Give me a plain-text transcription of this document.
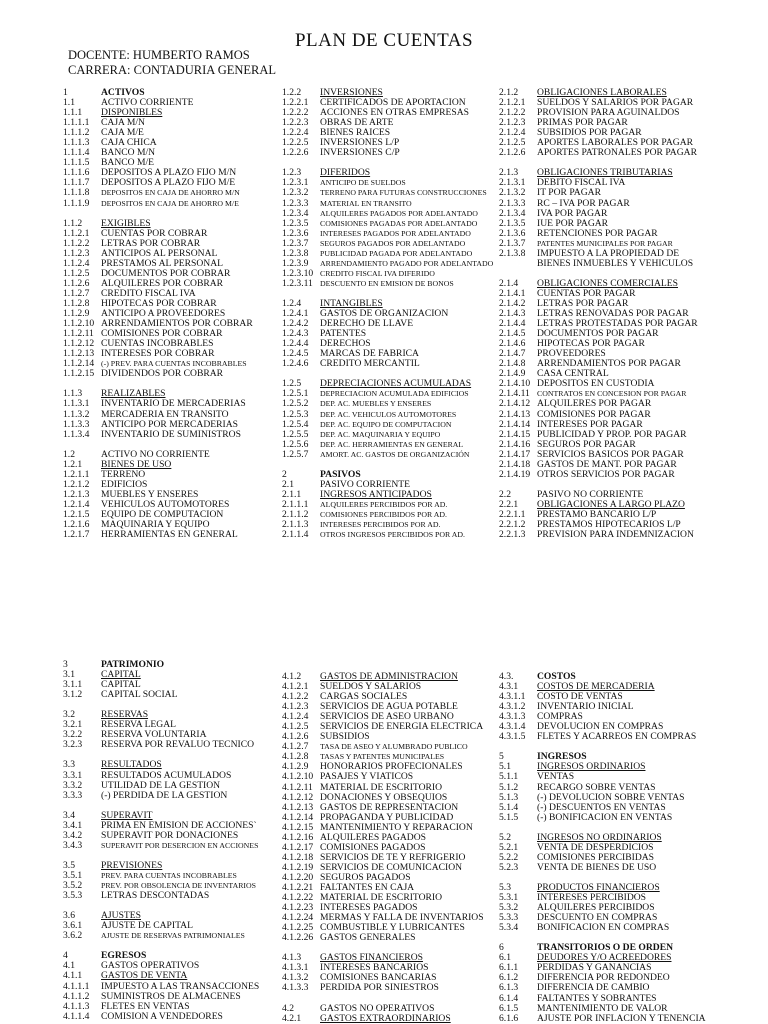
PLAN DE CUENTAS
DOCENTE: HUMBERTO RAMOS
CARRERA: CONTADURIA GENERAL
1	ACTIVOS
1.1	ACTIVO CORRIENTE
1.1.1	DISPONIBLES
1.1.1.1	CAJA M/N
1.1.1.2	CAJA M/E
1.1.1.3	CAJA CHICA
1.1.1.4	BANCO M/N
1.1.1.5	BANCO M/E
1.1.1.6	DEPOSITOS A PLAZO FIJO M/N
1.1.1.7	DEPOSITOS A PLAZO FIJO M/E
1.1.1.8	DEPOSITOS EN CAJA DE AHORRO M/N
1.1.1.9	DEPOSITOS EN CAJA DE AHORRO M/E
1.1.2	EXIGIBLES
1.1.2.1	CUENTAS POR COBRAR
1.1.2.2	LETRAS POR COBRAR
1.1.2.3	ANTICIPOS AL PERSONAL
1.1.2.4	PRESTAMOS AL PERSONAL
1.1.2.5	DOCUMENTOS POR COBRAR
1.1.2.6	ALQUILERES POR COBRAR
1.1.2.7	CREDITO FISCAL IVA
1.1.2.8	HIPOTECAS POR COBRAR
1.1.2.9	ANTICIPO A PROVEEDORES
1.1.2.10 ARRENDAMIENTOS POR COBRAR
1.1.2.11 COMISIONES POR COBRAR
1.1.2.12 CUENTAS INCOBRABLES
1.1.2.13 INTERESES POR COBRAR
1.1.2.14 (-) PREV. PARA CUENTAS INCOBRABLES
1.1.2.15 DIVIDENDOS POR COBRAR
1.1.3	REALIZABLES
1.1.3.1	INVENTARIO DE MERCADERIAS
1.1.3.2	MERCADERIA EN TRANSITO
1.1.3.3	ANTICIPO POR MERCADERIAS
1.1.3.4	INVENTARIO DE SUMINISTROS
1.2	ACTIVO NO CORRIENTE
1.2.1	BIENES DE USO
1.2.1.1	TERRENO
1.2.1.2	EDIFICIOS
1.2.1.3	MUEBLES Y ENSERES
1.2.1.4	VEHICULOS AUTOMOTORES
1.2.1.5	EQUIPO DE COMPUTACION
1.2.1.6	MAQUINARIA Y EQUIPO
1.2.1.7	HERRAMIENTAS EN GENERAL
1.2.2	INVERSIONES
1.2.2.1	CERTIFICADOS DE APORTACION
1.2.2.2	ACCIONES EN OTRAS EMPRESAS
1.2.2.3	OBRAS DE ARTE
1.2.2.4	BIENES RAICES
1.2.2.5	INVERSIONES L/P
1.2.2.6	INVERSIONES C/P
1.2.3	DIFERIDOS
1.2.3.1	ANTICIPO DE SUELDOS
1.2.3.2	TERRENO PARA FUTURAS CONSTRUCCIONES
1.2.3.3	MATERIAL EN TRANSITO
1.2.3.4	ALQUILERES PAGADOS POR ADELANTADO
1.2.3.5	COMISIONES PAGADAS POR ADELANTADO
1.2.3.6	INTERESES PAGADOS POR ADELANTADO
1.2.3.7	SEGUROS PAGADOS POR ADELANTADO
1.2.3.8	PUBLICIDAD PAGADA POR ADELANTADO
1.2.3.9	ARRENDAMIENTO PAGADO POR ADELANTADO
1.2.3.10 CREDITO FISCAL IVA DIFERIDO
1.2.3.11 DESCUENTO EN EMISION DE BONOS
1.2.4	INTANGIBLES
1.2.4.1	GASTOS DE ORGANIZACIÓN
1.2.4.2	DERECHO DE LLAVE
1.2.4.3	PATENTES
1.2.4.4	DERECHOS
1.2.4.5	MARCAS DE FABRICA
1.2.4.6	CREDITO MERCANTIL
1.2.5	DEPRECIACIONES ACUMULADAS
1.2.5.1	DEPRECIACION ACUMULADA EDIFICIOS
1.2.5.2	DEP. AC. MUEBLES Y ENSERES
1.2.5.3	DEP. AC. VEHICULOS AUTOMOTORES
1.2.5.4	DEP. AC. EQUIPO DE COMPUTACION
1.2.5.5	DEP. AC. MAQUINARIA Y EQUIPO
1.2.5.6	DEP. AC. HERRAMIENTAS EN GENERAL
1.2.5.7	AMORT. AC. GASTOS DE ORGANIZACIÓN
2	PASIVOS
2.1	PASIVO CORRIENTE
2.1.1	INGRESOS ANTICIPADOS
2.1.1.1	ALQUILERES PERCIBIDOS POR AD.
2.1.1.2	COMISIONES PERCIBIDOS POR AD.
2.1.1.3	INTERESES PERCIBIDOS POR AD.
2.1.1.4	OTROS INGRESOS PERCIBIDOS POR AD.
2.1.2	OBLIGACIONES LABORALES
2.1.2.1	SUELDOS Y SALARIOS POR PAGAR
2.1.2.2	PROVISION PARA AGUINALDOS
2.1.2.3	PRIMAS POR PAGAR
2.1.2.4	SUBSIDIOS POR PAGAR
2.1.2.5	APORTES LABORALES POR PAGAR
2.1.2.6	APORTES PATRONALES POR PAGAR
2.1.3	OBLIGACIONES TRIBUTARIAS
2.1.3.1	DEBITO FISCAL IVA
2.1.3.2	IT POR PAGAR
2.1.3.3	RC – IVA POR PAGAR
2.1.3.4	IVA POR PAGAR
2.1.3.5	IUE POR PAGAR
2.1.3.6	RETENCIONES POR PAGAR
2.1.3.7	PATENTES MUNICIPALES POR PAGAR
2.1.3.8	IMPUESTO A LA PROPIEDAD DE
BIENES INMUEBLES Y VEHICULOS
2.1.4	OBLIGACIONES COMERCIALES
2.1.4.1	CUENTAS POR PAGAR
2.1.4.2	LETRAS POR PAGAR
2.1.4.3	LETRAS RENOVADAS POR PAGAR
2.1.4.4	LETRAS PROTESTADAS POR PAGAR
2.1.4.5	DOCUMENTOS POR PAGAR
2.1.4.6	HIPOTECAS POR PAGAR
2.1.4.7	PROVEEDORES
2.1.4.8	ARRENDAMIENTOS POR PAGAR
2.1.4.9	CASA CENTRAL
2.1.4.10 DEPOSITOS EN CUSTODIA
2.1.4.11 CONTRATOS EN CONCESION POR PAGAR
2.1.4.12 ALQUILERES POR PAGAR
2.1.4.13 COMISIONES POR PAGAR
2.1.4.14 INTERESES POR PAGAR
2.1.4.15 PUBLICIDAD Y PROP. POR PAGAR
2.1.4.16 SEGUROS POR PAGAR
2.1.4.17 SERVICIOS BASICOS POR PAGAR
2.1.4.18 GASTOS DE MANT. POR PAGAR
2.1.4.19 OTROS SERVICIOS POR PAGAR
2.2	PASIVO NO CORRIENTE
2.2.1	OBLIGACIONES A LARGO PLAZO
2.2.1.1	PRESTAMO BANCARIO L/P
2.2.1.2	PRESTAMOS HIPOTECARIOS L/P
2.2.1.3	PREVISION PARA INDEMNIZACION
3	PATRIMONIO
3.1	CAPITAL
3.1.1	CAPITAL
3.1.2	CAPITAL SOCIAL
3.2	RESERVAS
3.2.1	RESERVA LEGAL
3.2.2	RESERVA VOLUNTARIA
3.2.3	RESERVA POR REVALUO TECNICO
3.3	RESULTADOS
3.3.1	RESULTADOS ACUMULADOS
3.3.2	UTILIDAD DE LA GESTION
3.3.3	(-) PERDIDA DE LA GESTION
3.4	SUPERAVIT
3.4.1	PRIMA EN EMISION DE ACCIONES`
3.4.2	SUPERAVIT POR DONACIONES
3.4.3	SUPERAVIT POR DESERCION EN ACCIONES
3.5	PREVISIONES
3.5.1	PREV. PARA CUENTAS INCOBRABLES
3.5.2	PREV. POR OBSOLENCIA DE INVENTARIOS
3.5.3	LETRAS DESCONTADAS
3.6	AJUSTES
3.6.1	AJUSTE DE CAPITAL
3.6.2	AJUSTE DE RESERVAS PATRIMONIALES
4	EGRESOS
4.1	GASTOS OPERATIVOS
4.1.1	GASTOS DE VENTA
4.1.1.1	IMPUESTO A LAS TRANSACCIONES
4.1.1.2	SUMINISTROS DE ALMACENES
4.1.1.3	FLETES EN VENTAS
4.1.1.4	COMISION A VENDEDORES
4.1.2	GASTOS DE ADMINISTRACION
4.1.2.1	SUELDOS Y SALARIOS
4.1.2.2	CARGAS SOCIALES
4.1.2.3	SERVICIOS DE AGUA POTABLE
4.1.2.4	SERVICIOS DE ASEO URBANO
4.1.2.5	SERVICIOS DE ENERGIA ELECTRICA
4.1.2.6	SUBSIDIOS
4.1.2.7	TASA DE ASEO Y ALUMBRADO PUBLICO
4.1.2.8	TASAS Y PATENTES MUNICIPALES
4.1.2.9	HONORARIOS PROFECIONALES
4.1.2.10 PASAJES Y VIATICOS
4.1.2.11 MATERIAL DE ESCRITORIO
4.1.2.12 DONACIONES Y OBSEQUIOS
4.1.2.13 GASTOS DE REPRESENTACION
4.1.2.14 PROPAGANDA Y PUBLICIDAD
4.1.2.15 MANTENIMIENTO Y REPARACION
4.1.2.16 ALQUILERES PAGADOS
4.1.2.17 COMISIONES PAGADOS
4.1.2.18 SERVICIOS DE TE Y REFRIGERIO
4.1.2.19 SERVICIOS DE COMUNICACIÓN
4.1.2.20 SEGUROS PAGADOS
4.1.2.21 FALTANTES EN CAJA
4.1.2.22 MATERIAL DE ESCRITORIO
4.1.2.23 INTERESES PAGADOS
4.1.2.24 MERMAS Y FALLA DE INVENTARIOS
4.1.2.25 COMBUSTIBLE Y LUBRICANTES
4.1.2.26 GASTOS GENERALES
4.1.3	GASTOS FINANCIEROS
4.1.3.1	INTERESES BANCARIOS
4.1.3.2	COMISIONES BANCARIAS
4.1.3.3	PERDIDA POR SINIESTROS
4.2	GASTOS NO OPERATIVOS
4.2.1	GASTOS EXTRAORDINARIOS
4.3.	COSTOS
4.3.1	COSTOS DE MERCADERIA
4.3.1.1	COSTO DE VENTAS
4.3.1.2	INVENTARIO INICIAL
4.3.1.3	COMPRAS
4.3.1.4	DEVOLUCION EN COMPRAS
4.3.1.5	FLETES Y ACARREOS EN COMPRAS
5	INGRESOS
5.1	INGRESOS ORDINARIOS
5.1.1	VENTAS
5.1.2	RECARGO SOBRE VENTAS
5.1.3	(-) DEVOLUCION SOBRE VENTAS
5.1.4	(-) DESCUENTOS EN VENTAS
5.1.5	(-) BONIFICACION EN VENTAS
5.2	INGRESOS NO ORDINARIOS
5.2.1	VENTA DE DESPERDICIOS
5.2.2	COMISIONES PERCIBIDAS
5.2.3	VENTA DE BIENES DE USO
5.3	PRODUCTOS FINANCIEROS
5.3.1	INTERESES PERCIBIDOS
5.3.2	ALQUILERES PERCIBIDOS
5.3.3	DESCUENTO EN COMPRAS
5.3.4	BONIFICACION EN COMPRAS
6	TRANSITORIOS O DE ORDEN
6.1	DEUDORES Y/O ACREEDORES
6.1.1	PERDIDAS Y GANANCIAS
6.1.2	DIFERENCIA POR REDONDEO
6.1.3	DIFERENCIA DE CAMBIO
6.1.4	FALTANTES Y SOBRANTES
6.1.5	MANTENIMIENTO DE VALOR
6.1.6	AJUSTE POR INFLACION Y TENENCIA
